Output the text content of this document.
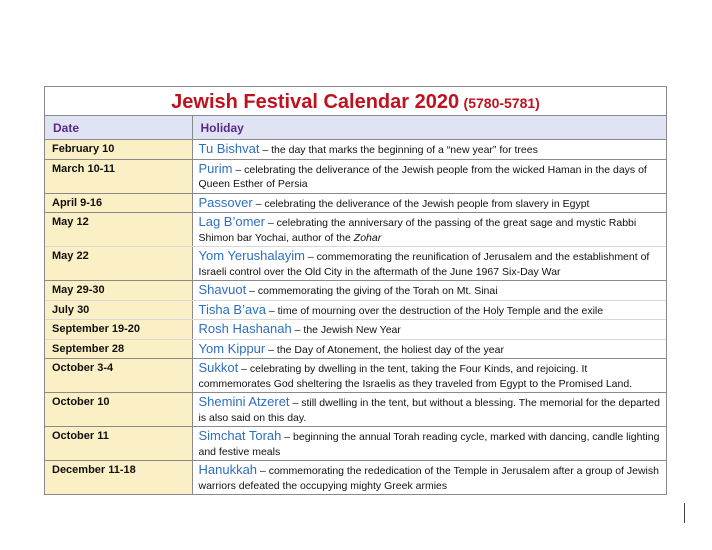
Jewish Festival Calendar 2020 (5780-5781)
Date	Holiday
February 10	Tu Bishvat – the day that marks the beginning of a “new year” for trees
March 10-11	Purim – celebrating the deliverance of the Jewish people from the wicked Haman in the days of Queen Esther of Persia
April 9-16	Passover – celebrating the deliverance of the Jewish people from slavery in Egypt
May 12	Lag B’omer – celebrating the anniversary of the passing of the great sage and mystic Rabbi Shimon bar Yochai, author of the Zohar
May 22	Yom Yerushalayim – commemorating the reunification of Jerusalem and the establishment of Israeli control over the Old City in the aftermath of the June 1967 Six-Day War
May 29-30	Shavuot – commemorating the giving of the Torah on Mt. Sinai
July 30	Tisha B’ava – time of mourning over the destruction of the Holy Temple and the exile
September 19-20	Rosh Hashanah – the Jewish New Year
September 28	Yom Kippur – the Day of Atonement, the holiest day of the year
October 3-4	Sukkot – celebrating by dwelling in the tent, taking the Four Kinds, and rejoicing. It commemorates God sheltering the Israelis as they traveled from Egypt to the Promised Land.
October 10	Shemini Atzeret – still dwelling in the tent, but without a blessing. The memorial for the departed is also said on this day.
October 11	Simchat Torah – beginning the annual Torah reading cycle, marked with dancing, candle lighting and festive meals
December 11-18	Hanukkah – commemorating the rededication of the Temple in Jerusalem after a group of Jewish warriors defeated the occupying mighty Greek armies
